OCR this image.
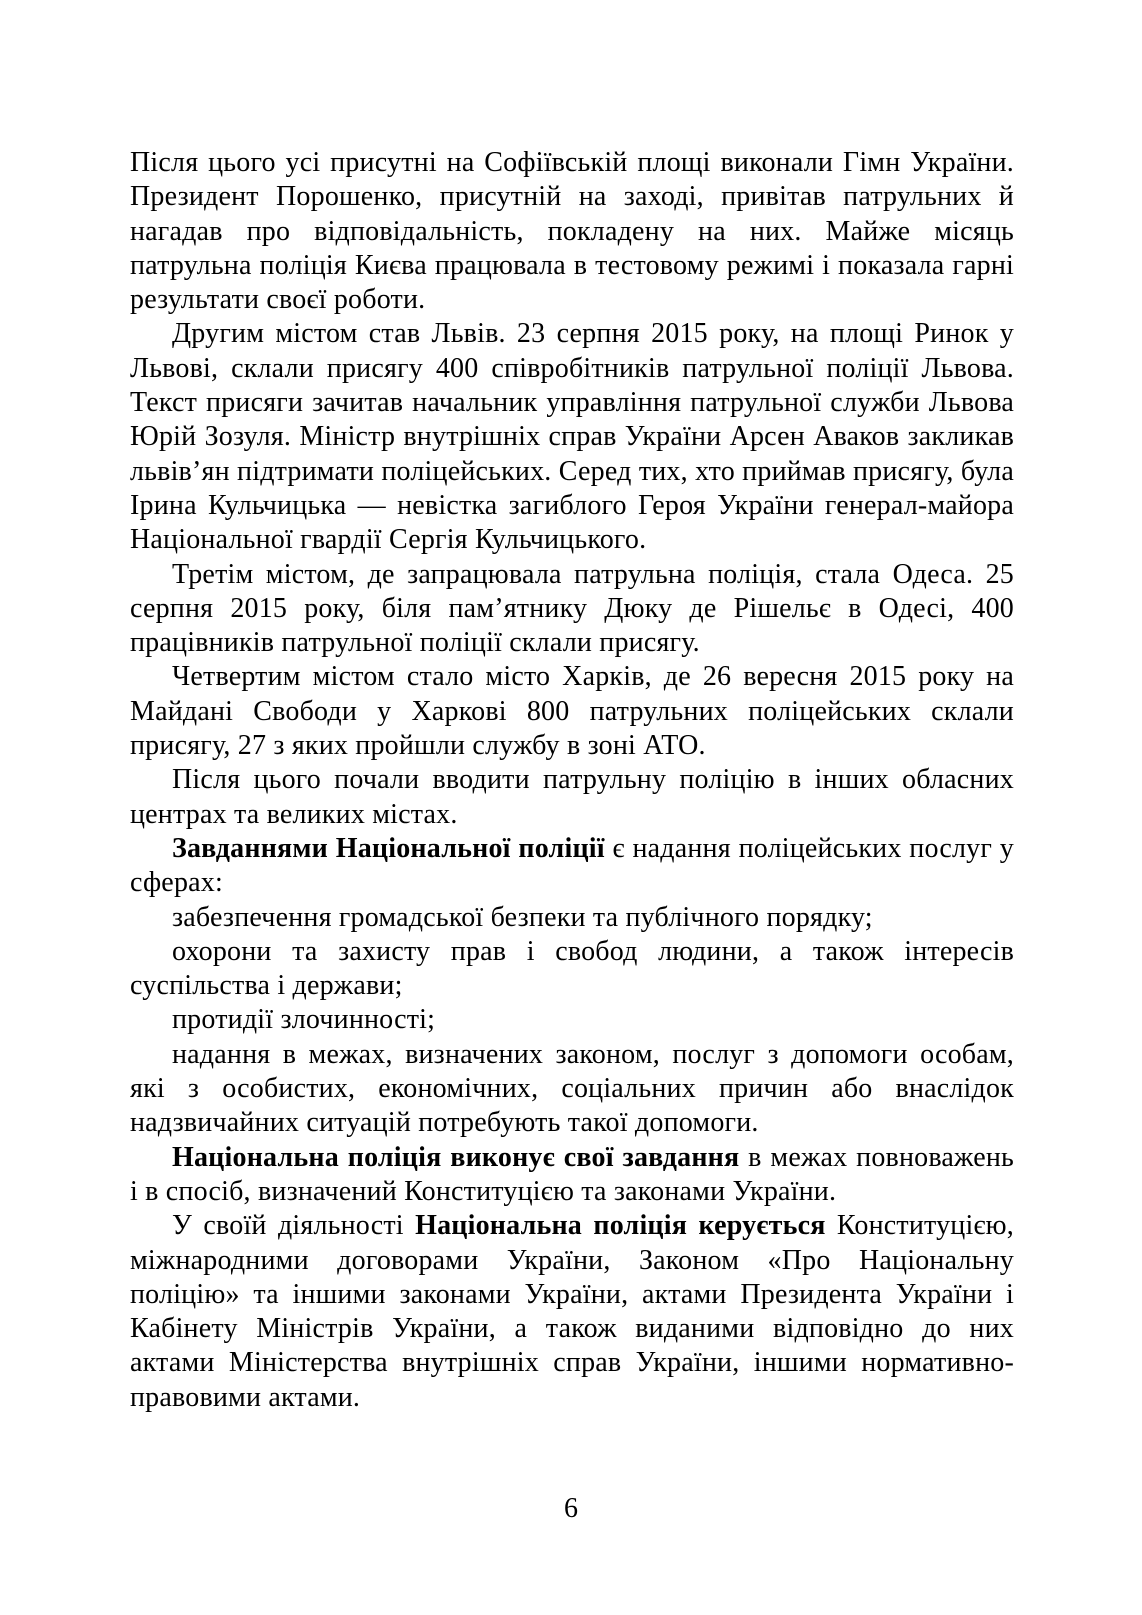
Після цього усі присутні на Софіївській площі виконали Гімн України. Президент Порошенко, присутній на заході, привітав патрульних й нагадав про відповідальність, покладену на них. Майже місяць патрульна поліція Києва працювала в тестовому режимі і показала гарні результати своєї роботи.

Другим містом став Львів. 23 серпня 2015 року, на площі Ринок у Львові, склали присягу 400 співробітників патрульної поліції Львова. Текст присяги зачитав начальник управління патрульної служби Львова Юрій Зозуля. Міністр внутрішніх справ України Арсен Аваков закликав львів’ян підтримати поліцейських. Серед тих, хто приймав присягу, була Ірина Кульчицька — невістка загиблого Героя України генерал-майора Національної гвардії Сергія Кульчицького.

Третім містом, де запрацювала патрульна поліція, стала Одеса. 25 серпня 2015 року, біля пам’ятнику Дюку де Рішельє в Одесі, 400 працівників патрульної поліції склали присягу.

Четвертим містом стало місто Харків, де 26 вересня 2015 року на Майдані Свободи у Харкові 800 патрульних поліцейських склали присягу, 27 з яких пройшли службу в зоні АТО.

Після цього почали вводити патрульну поліцію в інших обласних центрах та великих містах.

Завданнями Національної поліції є надання поліцейських послуг у сферах:

забезпечення громадської безпеки та публічного порядку;

охорони та захисту прав і свобод людини, а також інтересів суспільства і держави;

протидії злочинності;

надання в межах, визначених законом, послуг з допомоги особам, які з особистих, економічних, соціальних причин або внаслідок надзвичайних ситуацій потребують такої допомоги.

Національна поліція виконує свої завдання в межах повноважень і в спосіб, визначений Конституцією та законами України.

У своїй діяльності Національна поліція керується Конституцією, міжнародними договорами України, Законом «Про Національну поліцію» та іншими законами України, актами Президента України і Кабінету Міністрів України, а також виданими відповідно до них актами Міністерства внутрішніх справ України, іншими нормативно-правовими актами.

6
